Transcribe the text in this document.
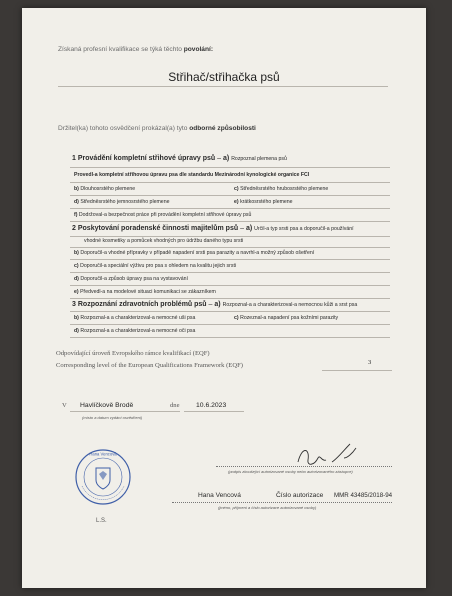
Získaná profesní kvalifikace se týká těchto povolání:
Střihač/střihačka psů
Držitel(ka) tohoto osvědčení prokázal(a) tyto odborné způsobilosti
1 Provádění kompletní střihové úpravy psů – a) Rozpoznal plemena psů
Provedl-a kompletní střihovou úpravu psa dle standardu Mezinárodní kynologické organice FCI
b) Dlouhosrstého plemene	c) Středněsrstého hrubosrstého plemene
d) Středněsrstého jemnosrstého plemene	e) krátkosrstého plemene
f) Dodržoval-a bezpečnost práce při provádění kompletní střihové úpravy psů
2 Poskytování poradenské činnosti majitelům psů – a) Určil-a typ srsti psa a doporučil-a používání
vhodné kosmetiky a pomůcek vhodných pro údržbu daného typu srsti
b) Doporučil-a vhodné přípravky v případě napadení srsti psa parazity a navrhl-a možný způsob ošetření
c) Doporučil-a speciální výživu pro psa s ohledem na kvalitu jejich srsti
d) Doporučil-a způsob úpravy psa na vystavování
e) Předvedl-a na modelové situaci komunikaci se zákazníkem
3 Rozpoznání zdravotních problémů psů – a) Rozpoznal-a a charakterizoval-a nemocnou kůži a srst psa
b) Rozpoznal-a a charakterizoval-a nemocné uši psa	c) Rozeznal-a napadení psa kožními parazity
d) Rozpoznal-a a charakterizoval-a nemocné oči psa
Odpovídající úroveň Evropského rámce kvalifikací (EQF)
Corresponding level of the European Qualifications Framework (EQF)	3
V Havlíčkově Brodě	dne 10.6.2023
(místo a datum vydání osvědčení)
(podpis zkoušející autorizované osoby nebo autorizovaného zástupce)
Hana Vencová	Číslo autorizace MMR 43485/2018-94
(jméno, příjmení a číslo autorizace autorizované osoby)
Hana Vencová
L.S.
